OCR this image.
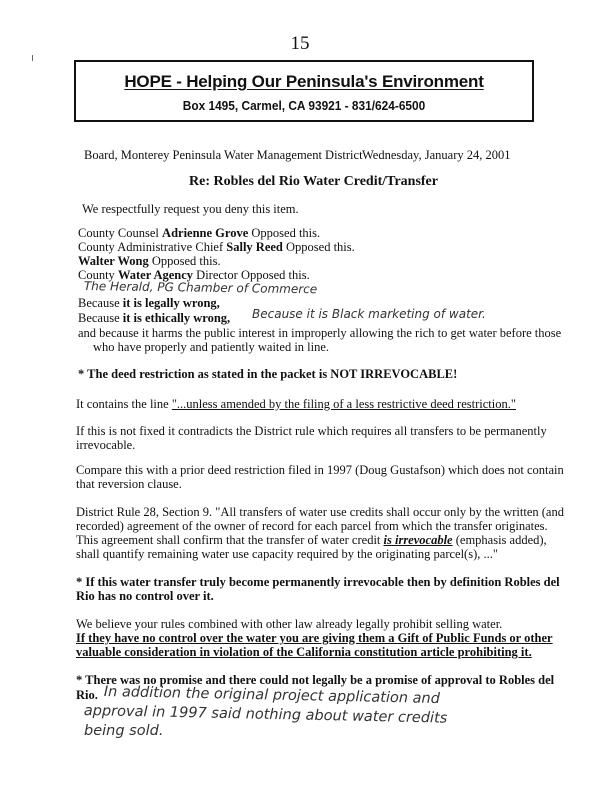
15
HOPE - Helping Our Peninsula's Environment
Box 1495, Carmel, CA 93921 - 831/624-6500
Board, Monterey Peninsula Water Management District Wednesday, January 24, 2001
Re: Robles del Rio Water Credit/Transfer
We respectfully request you deny this item.
County Counsel Adrienne Grove Opposed this.
County Administrative Chief Sally Reed Opposed this.
Walter Wong Opposed this.
County Water Agency Director Opposed this.
The Herald, PG Chamber of Commerce
Because it is legally wrong,
Because it is ethically wrong, Because it is Black marketing of water.
and because it harms the public interest in improperly allowing the rich to get water before those
who have properly and patiently waited in line.
* The deed restriction as stated in the packet is NOT IRREVOCABLE!
It contains the line "...unless amended by the filing of a less restrictive deed restriction."
If this is not fixed it contradicts the District rule which requires all transfers to be permanently
irrevocable.
Compare this with a prior deed restriction filed in 1997 (Doug Gustafson) which does not contain
that reversion clause.
District Rule 28, Section 9. "All transfers of water use credits shall occur only by the written (and
recorded) agreement of the owner of record for each parcel from which the transfer originates.
This agreement shall confirm that the transfer of water credit is irrevocable (emphasis added),
shall quantify remaining water use capacity required by the originating parcel(s), ..."
* If this water transfer truly become permanently irrevocable then by definition Robles del
Rio has no control over it.
We believe your rules combined with other law already legally prohibit selling water.
If they have no control over the water you are giving them a Gift of Public Funds or other
valuable consideration in violation of the California constitution article prohibiting it.
* There was no promise and there could not legally be a promise of approval to Robles del
Rio. In addition the original project application and
approval in 1997 said nothing about water credits
being sold.
